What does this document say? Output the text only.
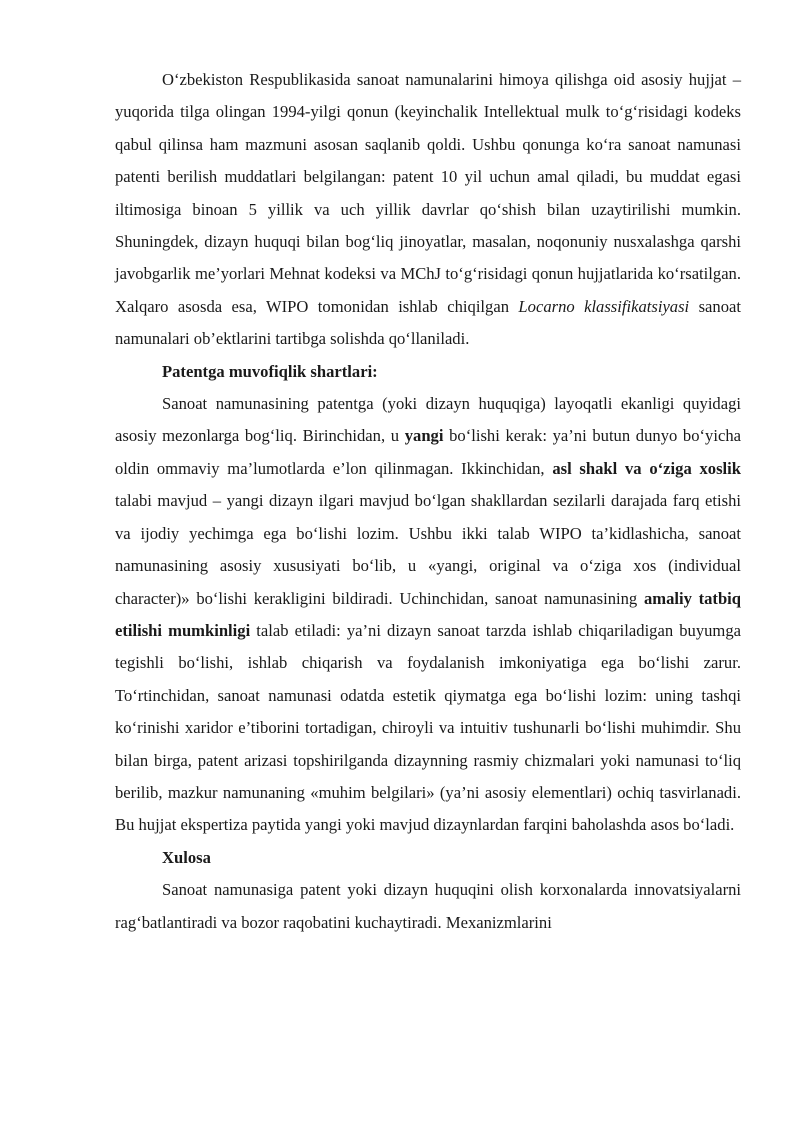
O‘zbekiston Respublikasida sanoat namunalarini himoya qilishga oid asosiy hujjat – yuqorida tilga olingan 1994-yilgi qonun (keyinchalik Intellektual mulk to‘g‘risidagi kodeks qabul qilinsa ham mazmuni asosan saqlanib qoldi. Ushbu qonunga ko‘ra sanoat namunasi patenti berilish muddatlari belgilangan: patent 10 yil uchun amal qiladi, bu muddat egasi iltimosiga binoan 5 yillik va uch yillik davrlar qo‘shish bilan uzaytirilishi mumkin. Shuningdek, dizayn huquqi bilan bog‘liq jinoyatlar, masalan, noqonuniy nusxalashga qarshi javobgarlik me’yorlari Mehnat kodeksi va MChJ to‘g‘risidagi qonun hujjatlarida ko‘rsatilgan. Xalqaro asosda esa, WIPO tomonidan ishlab chiqilgan Locarno klassifikatsiyasi sanoat namunalari ob’ektlarini tartibga solishda qo‘llaniladi.

Patentga muvofiqlik shartlari:

Sanoat namunasining patentga (yoki dizayn huquqiga) layoqatli ekanligi quyidagi asosiy mezonlarga bog‘liq. Birinchidan, u yangi bo‘lishi kerak: ya’ni butun dunyo bo‘yicha oldin ommaviy ma’lumotlarda e’lon qilinmagan. Ikkinchidan, asl shakl va o‘ziga xoslik talabi mavjud – yangi dizayn ilgari mavjud bo‘lgan shakllardan sezilarli darajada farq etishi va ijodiy yechimga ega bo‘lishi lozim. Ushbu ikki talab WIPO ta’kidlashicha, sanoat namunasining asosiy xususiyati bo‘lib, u «yangi, original va o‘ziga xos (individual character)» bo‘lishi kerakligini bildiradi. Uchinchidan, sanoat namunasining amaliy tatbiq etilishi mumkinligi talab etiladi: ya’ni dizayn sanoat tarzda ishlab chiqariladigan buyumga tegishli bo‘lishi, ishlab chiqarish va foydalanish imkoniyatiga ega bo‘lishi zarur. To‘rtinchidan, sanoat namunasi odatda estetik qiymatga ega bo‘lishi lozim: uning tashqi ko‘rinishi xaridor e’tiborini tortadigan, chiroyli va intuitiv tushunarli bo‘lishi muhimdir. Shu bilan birga, patent arizasi topshirilganda dizaynning rasmiy chizmalari yoki namunasi to‘liq berilib, mazkur namunaning «muhim belgilari» (ya’ni asosiy elementlari) ochiq tasvirlanadi. Bu hujjat ekspertiza paytida yangi yoki mavjud dizaynlardan farqini baholashda asos bo‘ladi.

Xulosa

Sanoat namunasiga patent yoki dizayn huquqini olish korxonalarda innovatsiyalarni rag‘batlantiradi va bozor raqobatini kuchaytiradi. Mexanizmlarini
